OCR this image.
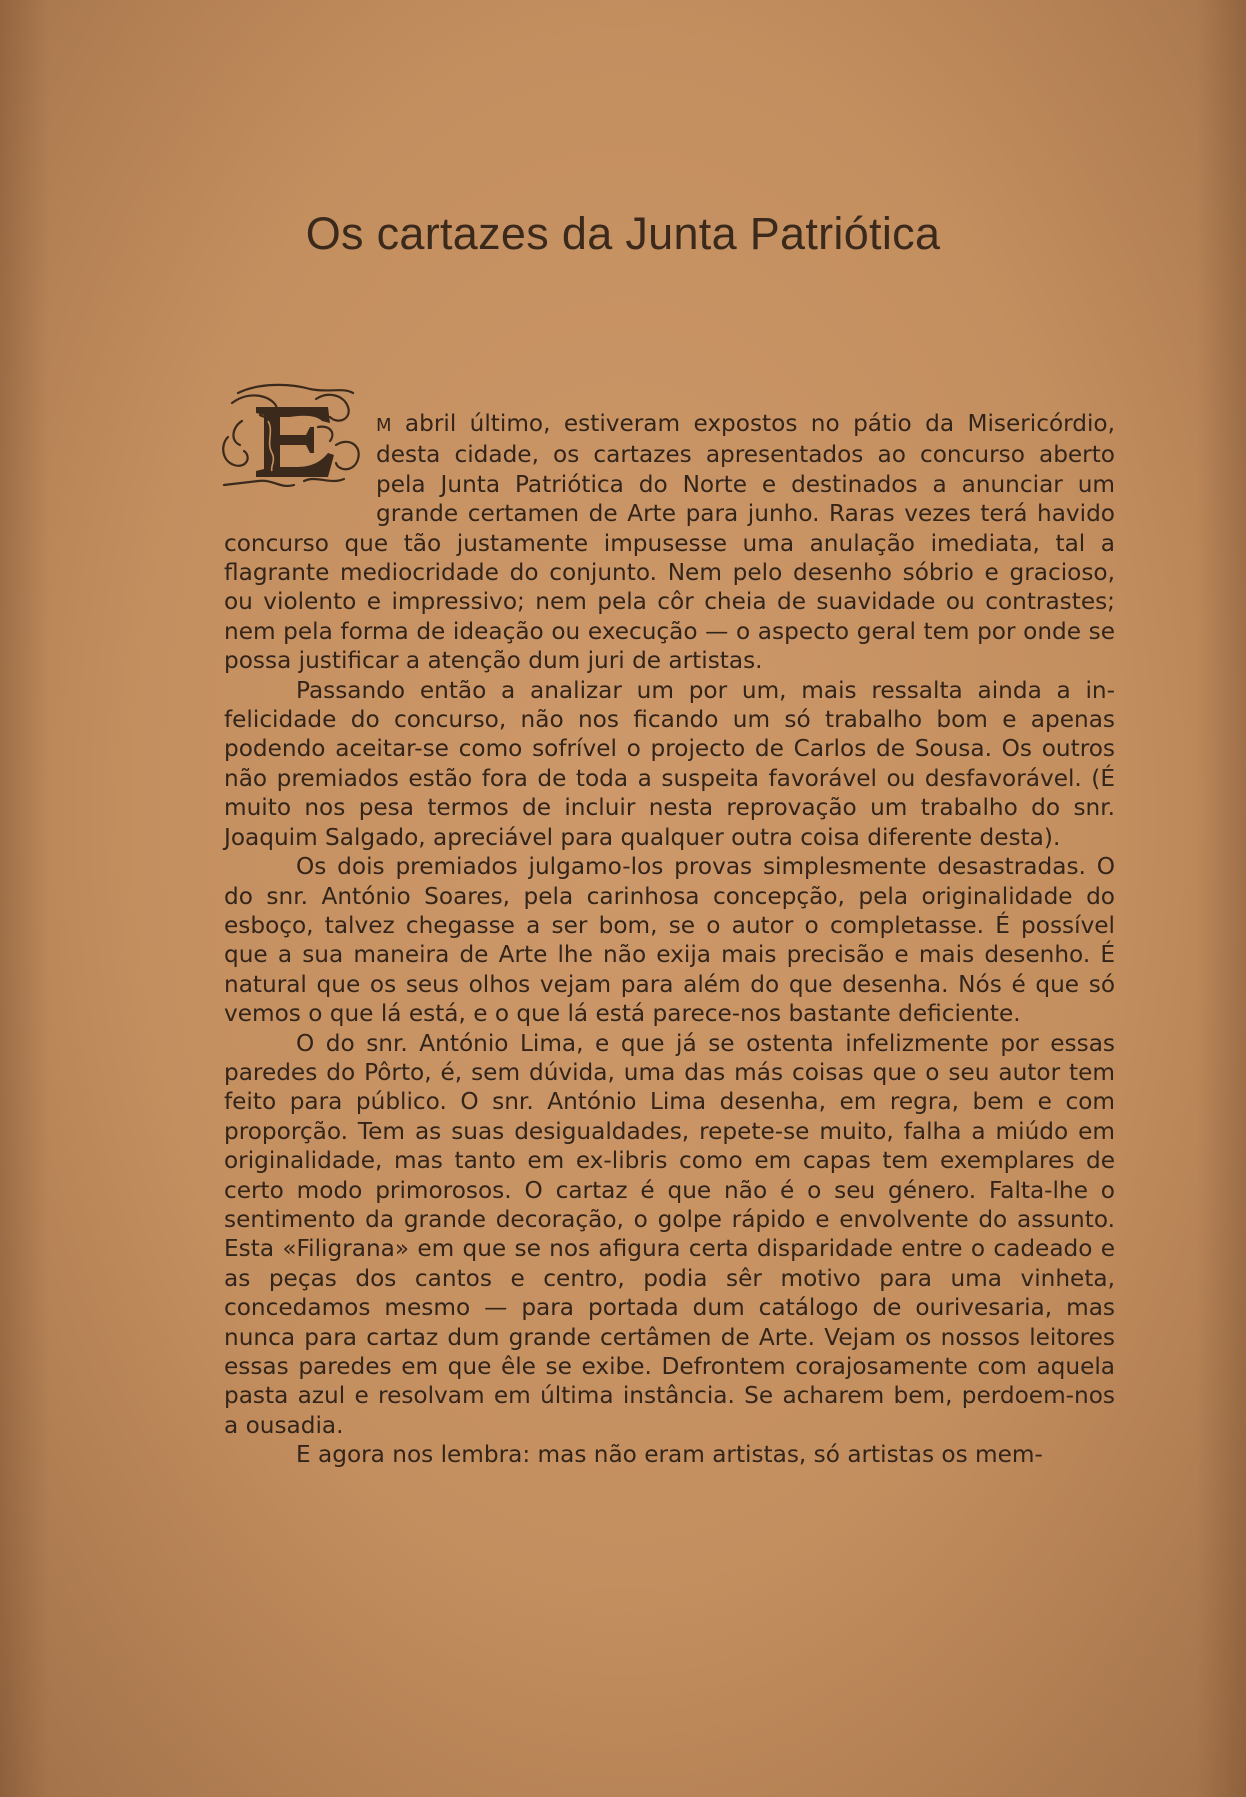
Os cartazes da Junta Patriótica

M abril último, estiveram expostos no pátio da Misericórdio, desta cidade, os cartazes apresentados ao concurso aberto pela Junta Patriótica do Norte e destinados a anunciar um grande certamen de Arte para junho. Raras vezes terá havido concurso que tão justamente impusesse uma anulação imediata, tal a flagrante mediocridade do conjunto. Nem pelo desenho sóbrio e gracioso, ou violento e impressivo; nem pela côr cheia de suavidade ou contrastes; nem pela forma de ideação ou execução — o aspecto geral tem por onde se possa justificar a atenção dum juri de artistas.

Passando então a analizar um por um, mais ressalta ainda a infelicidade do concurso, não nos ficando um só trabalho bom e apenas podendo aceitar-se como sofrível o projecto de Carlos de Sousa. Os outros não premiados estão fora de toda a suspeita favorável ou desfavorável. (É muito nos pesa termos de incluir nesta reprovação um trabalho do snr. Joaquim Salgado, apreciável para qualquer outra coisa diferente desta).

Os dois premiados julgamo-los provas simplesmente desastradas. O do snr. António Soares, pela carinhosa concepção, pela originalidade do esboço, talvez chegasse a ser bom, se o autor o completasse. É possível que a sua maneira de Arte lhe não exija mais precisão e mais desenho. É natural que os seus olhos vejam para além do que desenha. Nós é que só vemos o que lá está, e o que lá está parece-nos bastante deficiente.

O do snr. António Lima, e que já se ostenta infelizmente por essas paredes do Pôrto, é, sem dúvida, uma das más coisas que o seu autor tem feito para público. O snr. António Lima desenha, em regra, bem e com proporção. Tem as suas desigualdades, repete-se muito, falha a miúdo em originalidade, mas tanto em ex-libris como em capas tem exemplares de certo modo primorosos. O cartaz é que não é o seu género. Falta-lhe o sentimento da grande decoração, o golpe rápido e envolvente do assunto. Esta «Filigrana» em que se nos afigura certa disparidade entre o cadeado e as peças dos cantos e centro, podia sêr motivo para uma vinheta, concedamos mesmo — para portada dum catálogo de ourivesaria, mas nunca para cartaz dum grande certâmen de Arte. Vejam os nossos leitores essas paredes em que êle se exibe. Defrontem corajosamente com aquela pasta azul e resolvam em última instância. Se acharem bem, perdoem-nos a ousadia.

E agora nos lembra: mas não eram artistas, só artistas os mem-
